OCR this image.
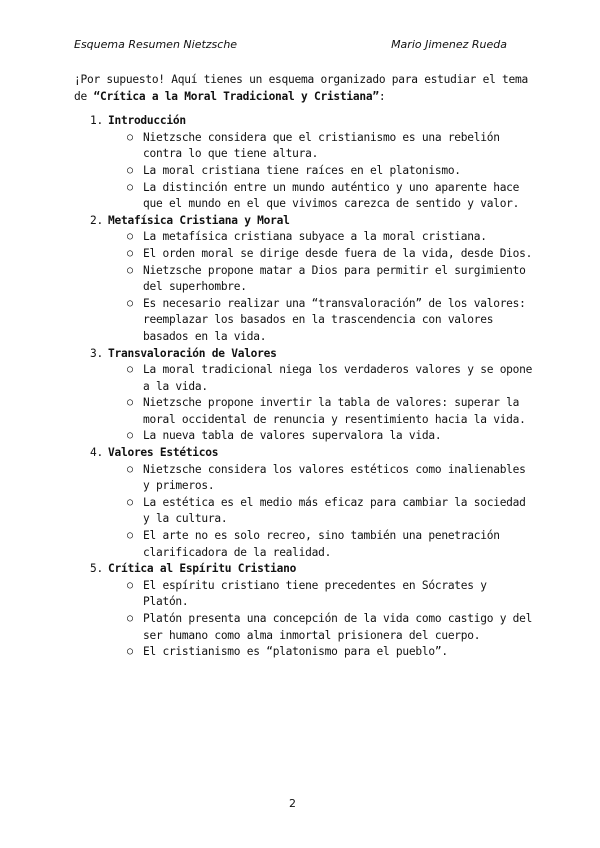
Esquema Resumen Nietzsche	Mario Jimenez Rueda

¡Por supuesto! Aquí tienes un esquema organizado para estudiar el tema de “Crítica a la Moral Tradicional y Cristiana”:

1. Introducción
○ Nietzsche considera que el cristianismo es una rebelión contra lo que tiene altura.
○ La moral cristiana tiene raíces en el platonismo.
○ La distinción entre un mundo auténtico y uno aparente hace que el mundo en el que vivimos carezca de sentido y valor.
2. Metafísica Cristiana y Moral
○ La metafísica cristiana subyace a la moral cristiana.
○ El orden moral se dirige desde fuera de la vida, desde Dios.
○ Nietzsche propone matar a Dios para permitir el surgimiento del superhombre.
○ Es necesario realizar una “transvaloración” de los valores: reemplazar los basados en la trascendencia con valores basados en la vida.
3. Transvaloración de Valores
○ La moral tradicional niega los verdaderos valores y se opone a la vida.
○ Nietzsche propone invertir la tabla de valores: superar la moral occidental de renuncia y resentimiento hacia la vida.
○ La nueva tabla de valores supervalora la vida.
4. Valores Estéticos
○ Nietzsche considera los valores estéticos como inalienables y primeros.
○ La estética es el medio más eficaz para cambiar la sociedad y la cultura.
○ El arte no es solo recreo, sino también una penetración clarificadora de la realidad.
5. Crítica al Espíritu Cristiano
○ El espíritu cristiano tiene precedentes en Sócrates y Platón.
○ Platón presenta una concepción de la vida como castigo y del ser humano como alma inmortal prisionera del cuerpo.
○ El cristianismo es “platonismo para el pueblo”.
2
